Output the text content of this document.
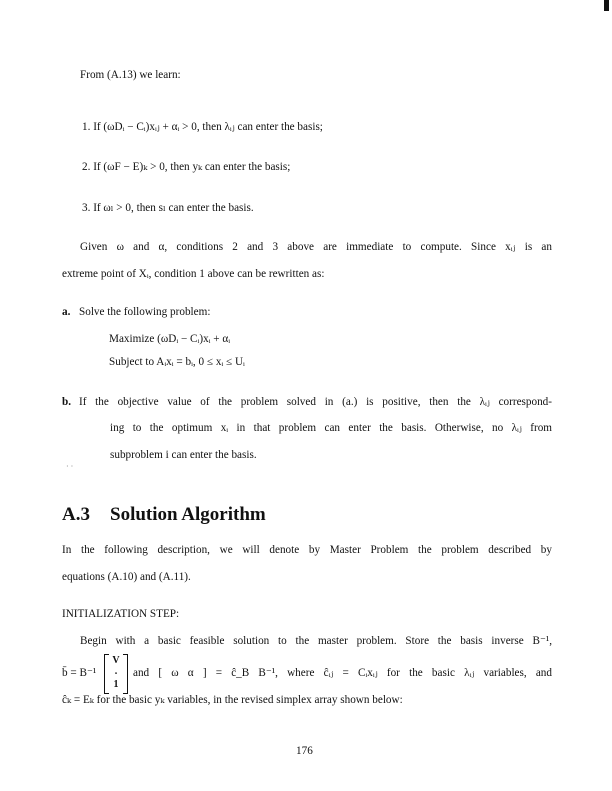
· ·
From (A.13) we learn:
1. If (ωDᵢ − Cᵢ)xᵢⱼ + αᵢ > 0, then λᵢⱼ can enter the basis;
2. If (ωF − E)ₖ > 0, then yₖ can enter the basis;
3. If ωₗ > 0, then sₗ can enter the basis.
Given ω and α, conditions 2 and 3 above are immediate to compute. Since xᵢⱼ is an
extreme point of Xᵢ, condition 1 above can be rewritten as:
a. Solve the following problem:
Maximize (ωDᵢ − Cᵢ)xᵢ + αᵢ
Subject to Aᵢxᵢ = bᵢ, 0 ≤ xᵢ ≤ Uᵢ
b. If the objective value of the problem solved in (a.) is positive, then the λᵢⱼ correspond-
ing to the optimum xᵢ in that problem can enter the basis. Otherwise, no λᵢⱼ from
subproblem i can enter the basis.
A.3 Solution Algorithm
In the following description, we will denote by Master Problem the problem described by
equations (A.10) and (A.11).
INITIALIZATION STEP:
Begin with a basic feasible solution to the master problem. Store the basis inverse B⁻¹,
b̄ = B⁻¹
V
.
1
and [ ω α ] = ĉ_B B⁻¹, where ĉᵢⱼ = Cᵢxᵢⱼ for the basic λᵢⱼ variables, and
ĉₖ = Eₖ for the basic yₖ variables, in the revised simplex array shown below:
176
